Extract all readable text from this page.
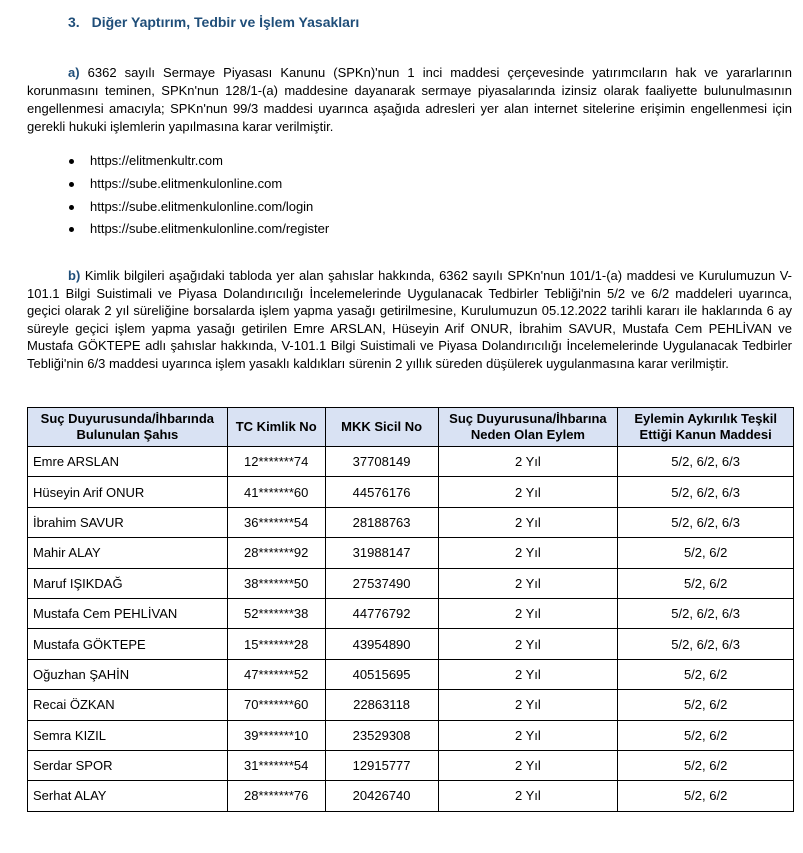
3. Diğer Yaptırım, Tedbir ve İşlem Yasakları

a) 6362 sayılı Sermaye Piyasası Kanunu (SPKn)'nun 1 inci maddesi çerçevesinde yatırımcıların hak ve yararlarının korunmasını teminen, SPKn'nun 128/1-(a) maddesine dayanarak sermaye piyasalarında izinsiz olarak faaliyette bulunulmasının engellenmesi amacıyla; SPKn'nun 99/3 maddesi uyarınca aşağıda adresleri yer alan internet sitelerine erişimin engellenmesi için gerekli hukuki işlemlerin yapılmasına karar verilmiştir.

https://elitmenkultr.com
https://sube.elitmenkulonline.com
https://sube.elitmenkulonline.com/login
https://sube.elitmenkulonline.com/register

b) Kimlik bilgileri aşağıdaki tabloda yer alan şahıslar hakkında, 6362 sayılı SPKn'nun 101/1-(a) maddesi ve Kurulumuzun V-101.1 Bilgi Suistimali ve Piyasa Dolandırıcılığı İncelemelerinde Uygulanacak Tedbirler Tebliği'nin 5/2 ve 6/2 maddeleri uyarınca, geçici olarak 2 yıl süreliğine borsalarda işlem yapma yasağı getirilmesine, Kurulumuzun 05.12.2022 tarihli kararı ile haklarında 6 ay süreyle geçici işlem yapma yasağı getirilen Emre ARSLAN, Hüseyin Arif ONUR, İbrahim SAVUR, Mustafa Cem PEHLİVAN ve Mustafa GÖKTEPE adlı şahıslar hakkında, V-101.1 Bilgi Suistimali ve Piyasa Dolandırıcılığı İncelemelerinde Uygulanacak Tedbirler Tebliği'nin 6/3 maddesi uyarınca işlem yasaklı kaldıkları sürenin 2 yıllık süreden düşülerek uygulanmasına karar verilmiştir.

Suç Duyurusunda/İhbarında Bulunulan Şahıs	TC Kimlik No	MKK Sicil No	Suç Duyurusuna/İhbarına Neden Olan Eylem	Eylemin Aykırılık Teşkil Ettiği Kanun Maddesi
Emre ARSLAN	12*******74	37708149	2 Yıl	5/2, 6/2, 6/3
Hüseyin Arif ONUR	41*******60	44576176	2 Yıl	5/2, 6/2, 6/3
İbrahim SAVUR	36*******54	28188763	2 Yıl	5/2, 6/2, 6/3
Mahir ALAY	28*******92	31988147	2 Yıl	5/2, 6/2
Maruf IŞIKDAĞ	38*******50	27537490	2 Yıl	5/2, 6/2
Mustafa Cem PEHLİVAN	52*******38	44776792	2 Yıl	5/2, 6/2, 6/3
Mustafa GÖKTEPE	15*******28	43954890	2 Yıl	5/2, 6/2, 6/3
Oğuzhan ŞAHİN	47*******52	40515695	2 Yıl	5/2, 6/2
Recai ÖZKAN	70*******60	22863118	2 Yıl	5/2, 6/2
Semra KIZIL	39*******10	23529308	2 Yıl	5/2, 6/2
Serdar SPOR	31*******54	12915777	2 Yıl	5/2, 6/2
Serhat ALAY	28*******76	20426740	2 Yıl	5/2, 6/2
